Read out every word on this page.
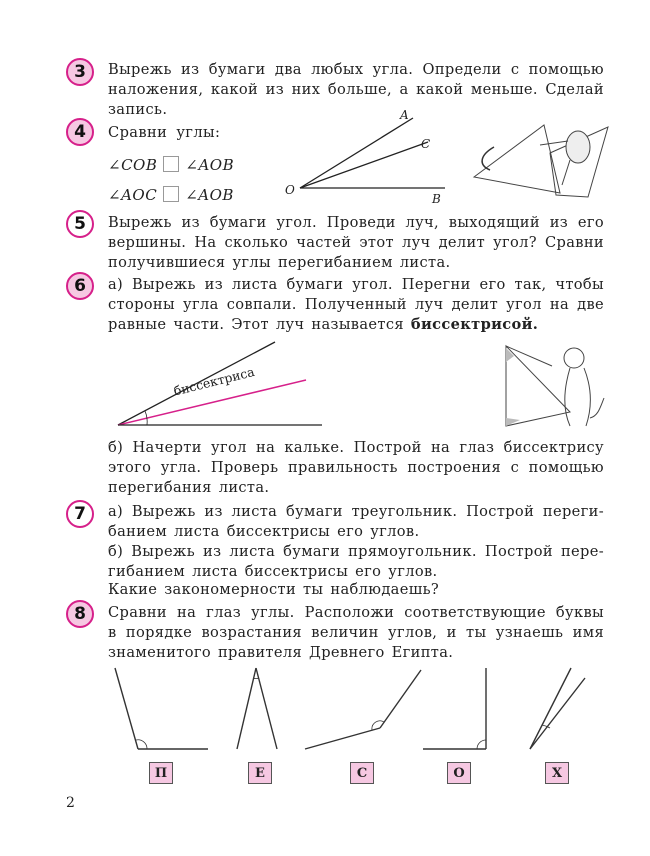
3	Вырежь из бумаги два любых угла. Определи с помощью
наложения, какой из них больше, а какой меньше. Сделай
запись.
4	Сравни углы:
∠COB ∠AOB
∠AOC ∠AOB
A
C
O
B
5	Вырежь из бумаги угол. Проведи луч, выходящий из его
вершины. На сколько частей этот луч делит угол? Сравни
получившиеся углы перегибанием листа.
6	а) Вырежь из листа бумаги угол. Перегни его так, чтобы
стороны угла совпали. Полученный луч делит угол на две
равные части. Этот луч называется биссектрисой.
биссектриса
б) Начерти угол на кальке. Построй на глаз биссектрису
этого угла. Проверь правильность построения с помощью
перегибания листа.
7	а) Вырежь из листа бумаги треугольник. Построй переги-
банием листа биссектрисы его углов.
б) Вырежь из листа бумаги прямоугольник. Построй пере-
гибанием листа биссектрисы его углов.
Какие закономерности ты наблюдаешь?
8	Сравни на глаз углы. Расположи соответствующие буквы
в порядке возрастания величин углов, и ты узнаешь имя
знаменитого правителя Древнего Египта.
П	Е	С	О	Х
2
